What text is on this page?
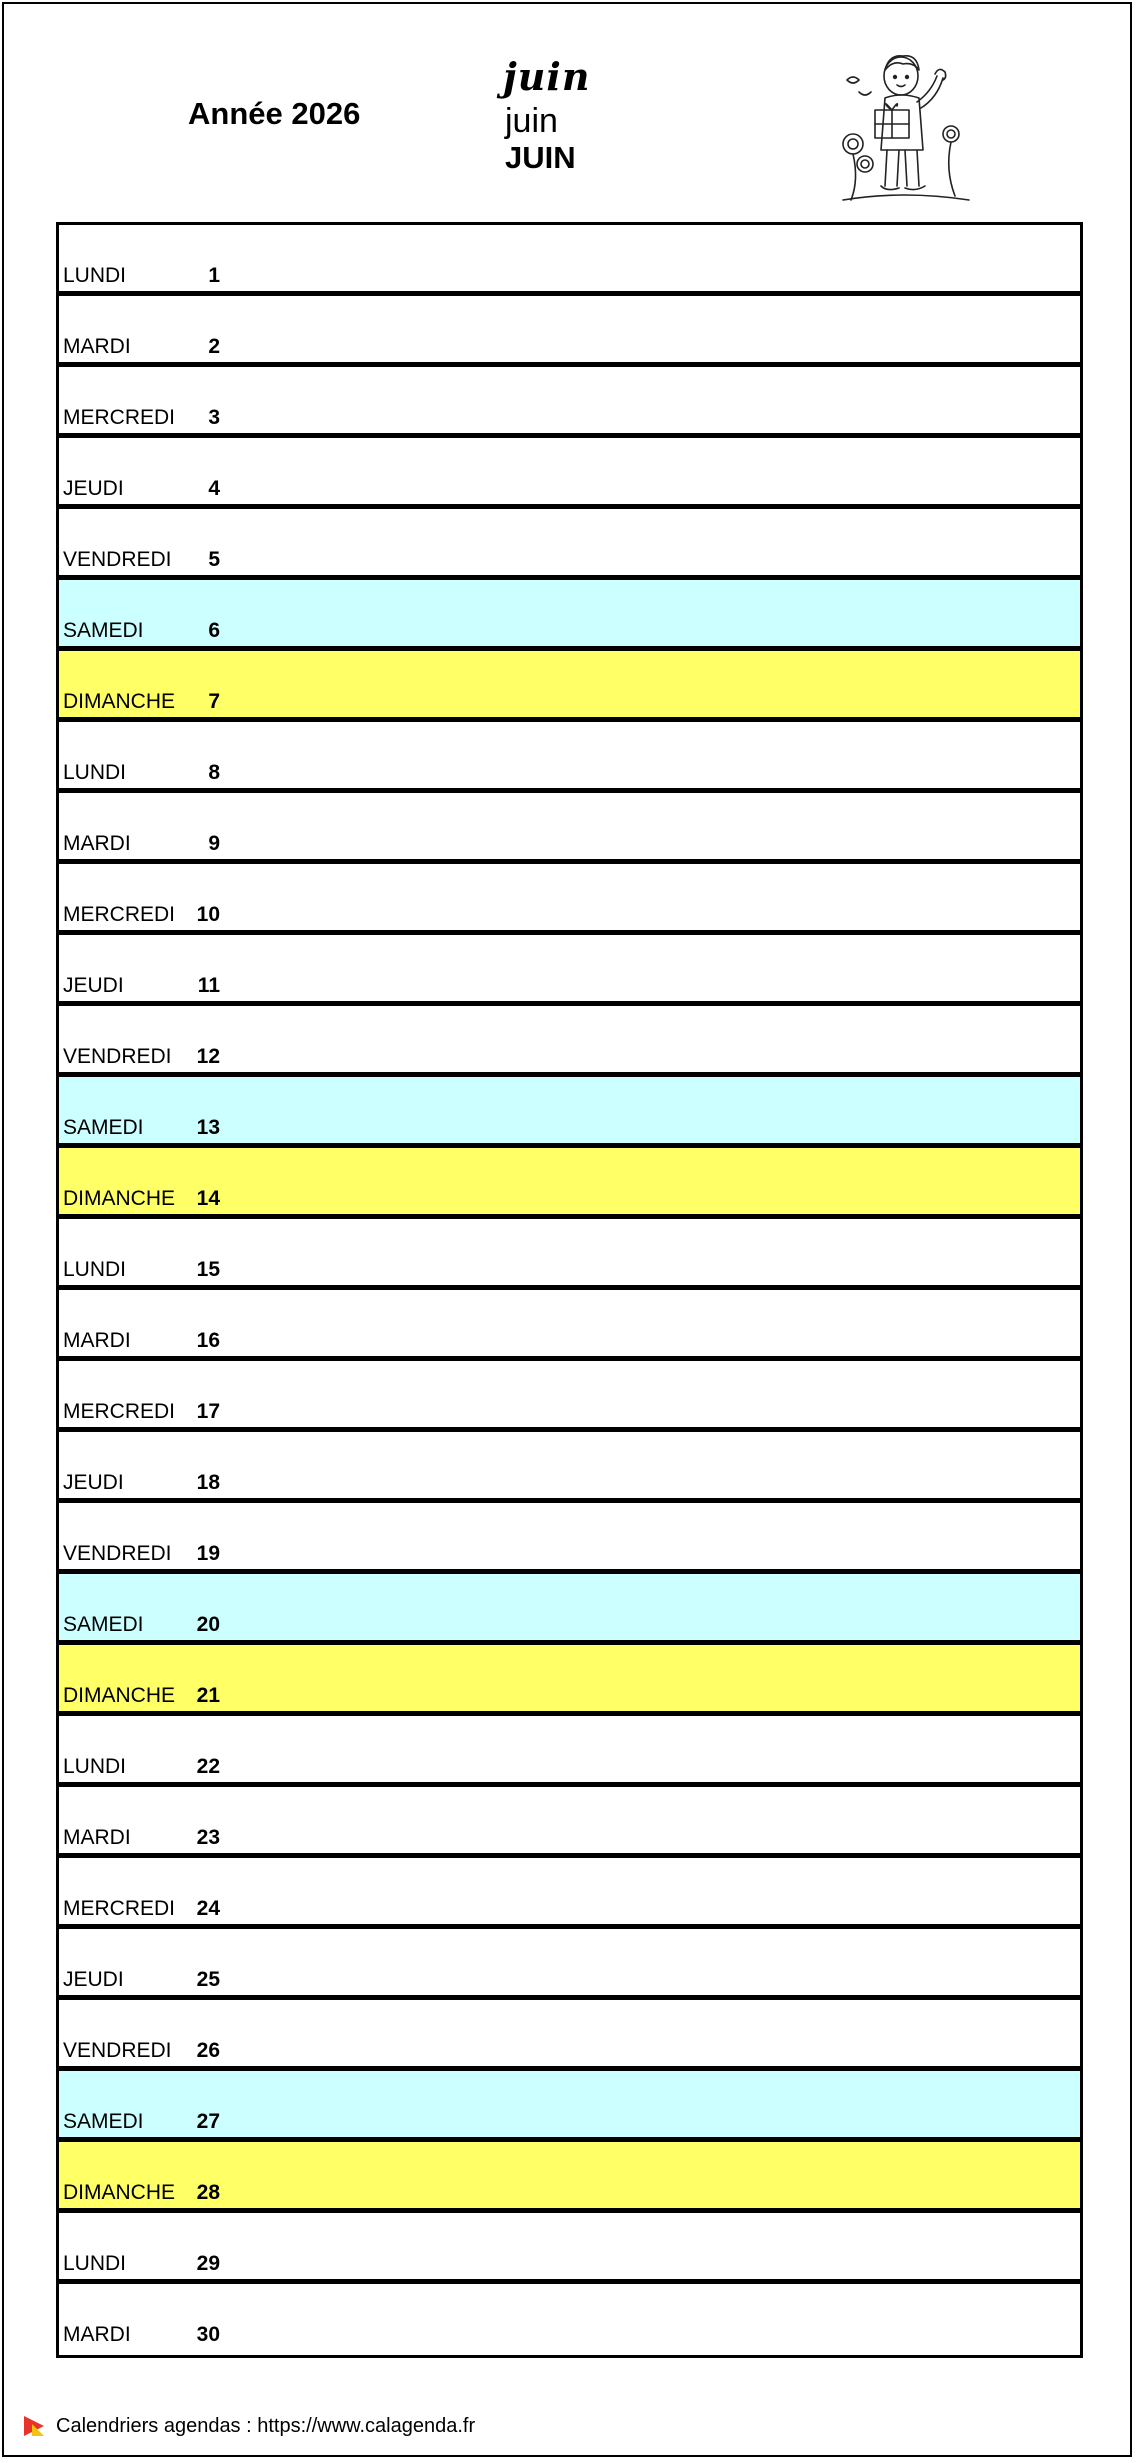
Année 2026
juin
juin
JUIN
LUNDI	1
MARDI	2
MERCREDI 3
JEUDI	4
VENDREDI 5
SAMEDI	6
DIMANCHE 7
LUNDI	8
MARDI	9
MERCREDI 10
JEUDI	11
VENDREDI 12
SAMEDI	13
DIMANCHE 14
LUNDI	15
MARDI	16
MERCREDI 17
JEUDI	18
VENDREDI 19
SAMEDI	20
DIMANCHE 21
LUNDI	22
MARDI	23
MERCREDI 24
JEUDI	25
VENDREDI 26
SAMEDI	27
DIMANCHE 28
LUNDI	29
MARDI	30
Calendriers agendas : https://www.calagenda.fr
